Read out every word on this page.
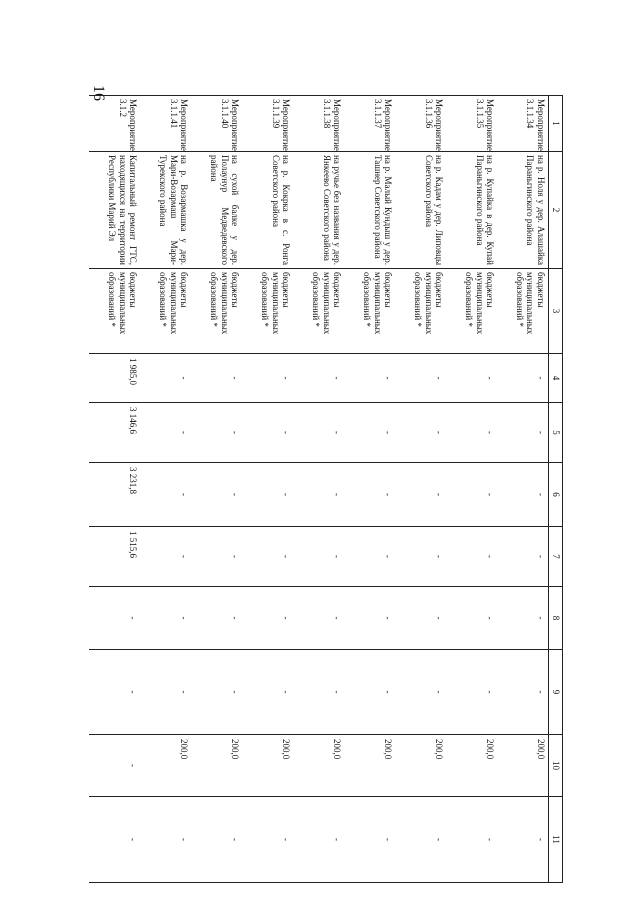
16
1	2	3	4	5	6	7	8	9	10	11
Мероприятие 3.1.1.34	на р. Ноля у дер. Алашайка Параньгинского района	бюджеты муниципальных образований *	-	-	-	-	-	-	200,0	-
Мероприятие 3.1.1.35	на р. Купайка в дер. Купай Параньгинского района	бюджеты муниципальных образований *	-	-	-	-	-	-	200,0	-
Мероприятие 3.1.1.36	на р. Кадам у дер. Липовцы Советского района	бюджеты муниципальных образований *	-	-	-	-	-	-	200,0	-
Мероприятие 3.1.1.37	на р. Малый Кундыш у дер. Ташнер Советского района	бюджеты муниципальных образований *	-	-	-	-	-	-	200,0	-
Мероприятие 3.1.1.38	на ручье без названия у дер. Янкеево Советского района	бюджеты муниципальных образований *	-	-	-	-	-	-	200,0	-
Мероприятие 3.1.1.39	на р. Кокрка в с. Ронга Советского района	бюджеты муниципальных образований *	-	-	-	-	-	-	200,0	-
Мероприятие 3.1.1.40	на сухой балке у дер. Полаунур Медведевского района	бюджеты муниципальных образований *	-	-	-	-	-	-	200,0	-
Мероприятие 3.1.1.41	на р. Возармашка у дер. Мари-Возармаш Мари-Турекского района	бюджеты муниципальных образований *	-	-	-	-	-	-	200,0	-
Мероприятие 3.1.2	Капитальный ремонт ГТС, находящихся на территории Республики Марий Эл	бюджеты муниципальных образований *	1 985,0	3 146,6	3 231,8	1 515,6	-	-	-	-
